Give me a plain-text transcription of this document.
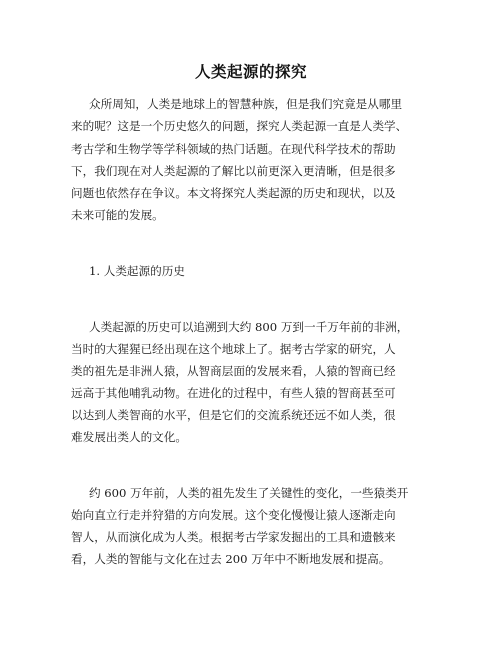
人类起源的探究
众所周知，人类是地球上的智慧种族，但是我们究竟是从哪里
来的呢？这是一个历史悠久的问题，探究人类起源一直是人类学、
考古学和生物学等学科领域的热门话题。在现代科学技术的帮助
下，我们现在对人类起源的了解比以前更深入更清晰，但是很多
问题也依然存在争议。本文将探究人类起源的历史和现状，以及
未来可能的发展。
1. 人类起源的历史
人类起源的历史可以追溯到大约 800 万到一千万年前的非洲，
当时的大猩猩已经出现在这个地球上了。据考古学家的研究，人
类的祖先是非洲人猿，从智商层面的发展来看，人猿的智商已经
远高于其他哺乳动物。在进化的过程中，有些人猿的智商甚至可
以达到人类智商的水平，但是它们的交流系统还远不如人类，很
难发展出类人的文化。
约 600 万年前，人类的祖先发生了关键性的变化，一些猿类开
始向直立行走并狩猎的方向发展。这个变化慢慢让猿人逐渐走向
智人，从而演化成为人类。根据考古学家发掘出的工具和遗骸来
看，人类的智能与文化在过去 200 万年中不断地发展和提高。
